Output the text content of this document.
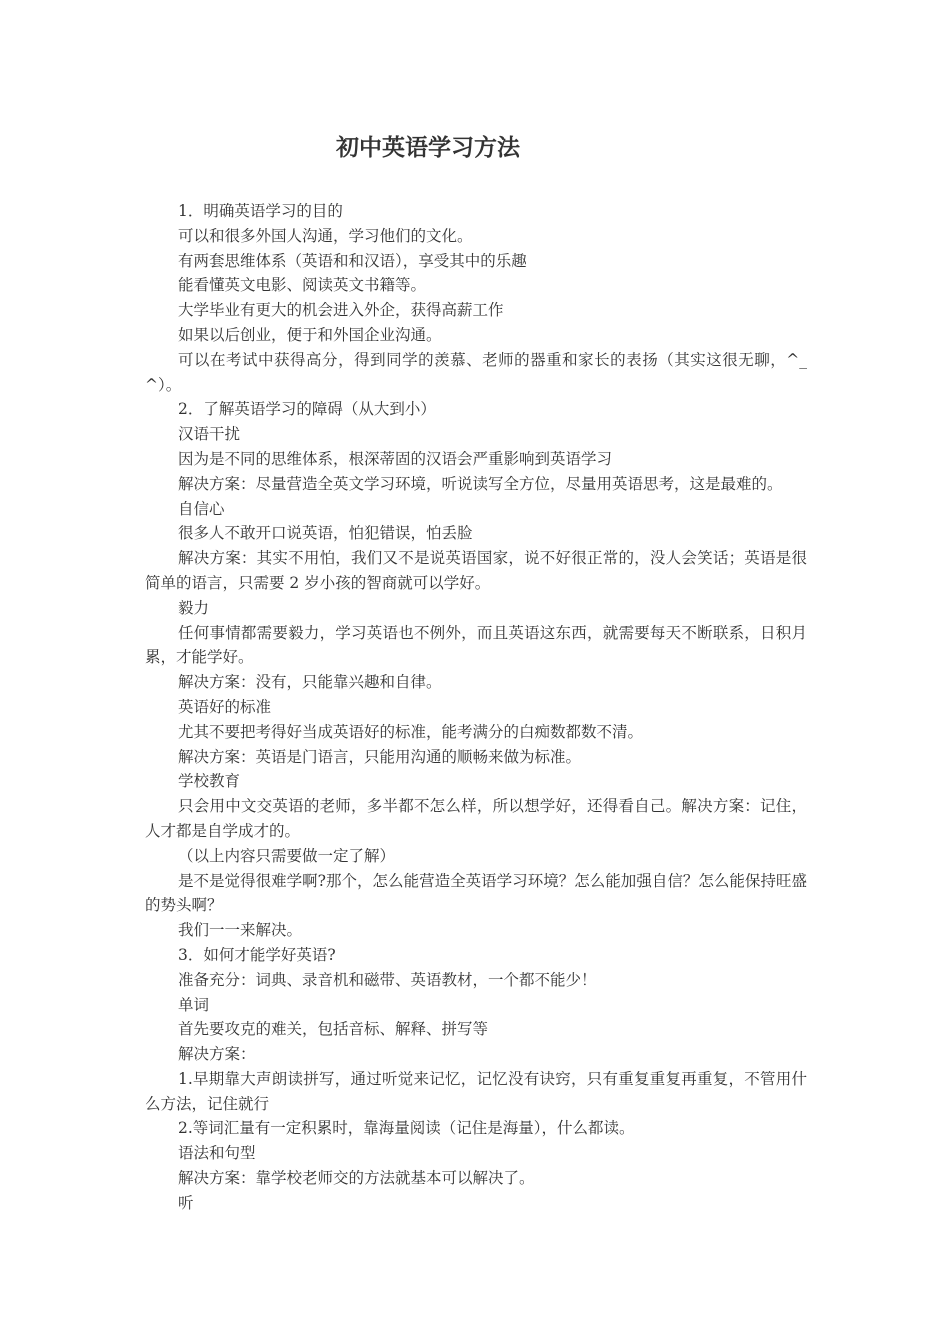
初中英语学习方法

1．明确英语学习的目的

可以和很多外国人沟通，学习他们的文化。

有两套思维体系（英语和和汉语），享受其中的乐趣

能看懂英文电影、阅读英文书籍等。

大学毕业有更大的机会进入外企，获得高薪工作

如果以后创业，便于和外国企业沟通。

可以在考试中获得高分，得到同学的羡慕、老师的器重和家长的表扬（其实这很无聊，^_^）。

2．了解英语学习的障碍（从大到小）

汉语干扰

因为是不同的思维体系，根深蒂固的汉语会严重影响到英语学习

解决方案：尽量营造全英文学习环境，听说读写全方位，尽量用英语思考，这是最难的。

自信心

很多人不敢开口说英语，怕犯错误，怕丢脸

解决方案：其实不用怕，我们又不是说英语国家，说不好很正常的，没人会笑话；英语是很简单的语言，只需要 2 岁小孩的智商就可以学好。

毅力

任何事情都需要毅力，学习英语也不例外，而且英语这东西，就需要每天不断联系，日积月累，才能学好。

解决方案：没有，只能靠兴趣和自律。

英语好的标准

尤其不要把考得好当成英语好的标准，能考满分的白痴数都数不清。

解决方案：英语是门语言，只能用沟通的顺畅来做为标准。

学校教育

只会用中文交英语的老师，多半都不怎么样，所以想学好，还得看自己。解决方案：记住，人才都是自学成才的。

（以上内容只需要做一定了解）

是不是觉得很难学啊?那个，怎么能营造全英语学习环境？怎么能加强自信？怎么能保持旺盛的势头啊？

我们一一来解决。

3．如何才能学好英语?

准备充分：词典、录音机和磁带、英语教材，一个都不能少！

单词

首先要攻克的难关，包括音标、解释、拼写等

解决方案：

1.早期靠大声朗读拼写，通过听觉来记忆，记忆没有诀窍，只有重复重复再重复，不管用什么方法，记住就行

2.等词汇量有一定积累时，靠海量阅读（记住是海量），什么都读。

语法和句型

解决方案：靠学校老师交的方法就基本可以解决了。

听
